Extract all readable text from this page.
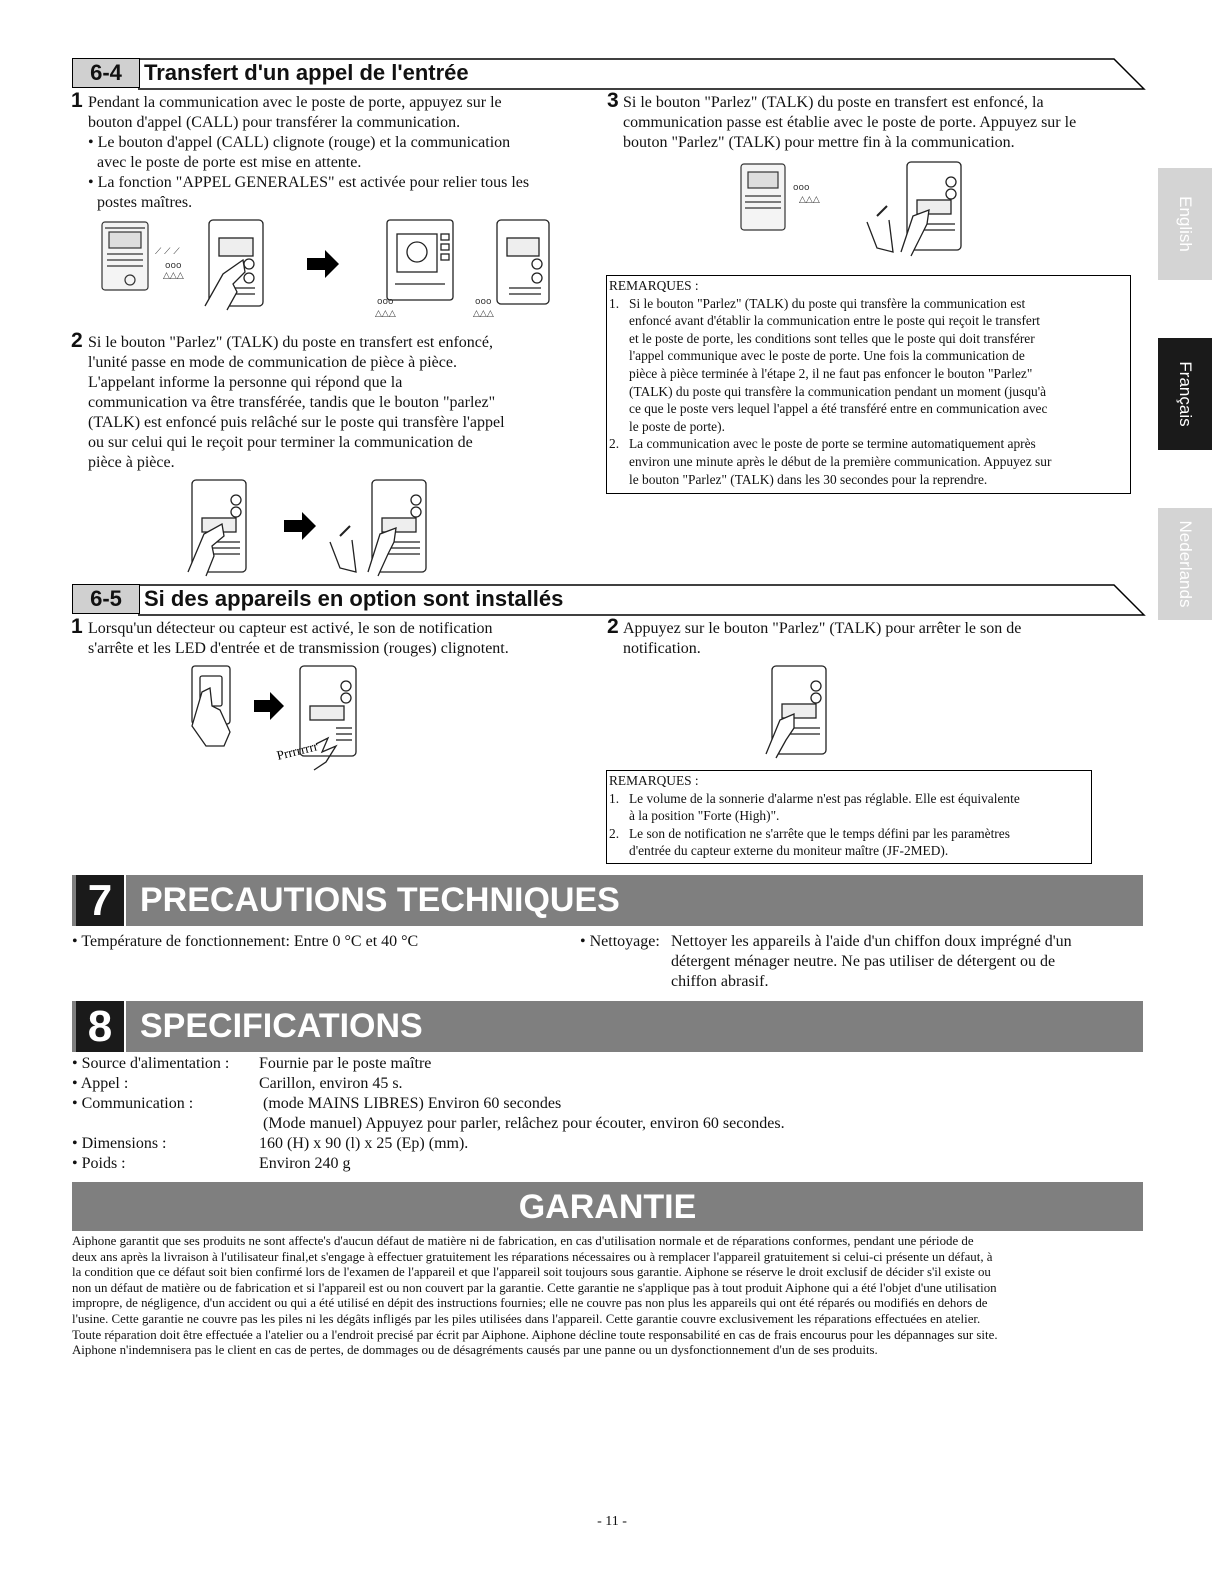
English
Français
Nederlands
6-4	Transfert d'un appel de l'entrée
1 Pendant la communication avec le poste de porte, appuyez sur le
bouton d'appel (CALL) pour transférer la communication.
• Le bouton d'appel (CALL) clignote (rouge) et la communication
avec le poste de porte est mise en attente.
• La fonction "APPEL GENERALES" est activée pour relier tous les
postes maîtres.
⟋ ⟋ ⟋
ooo
△△△
ooo
△△△
ooo
△△△
2 Si le bouton "Parlez" (TALK) du poste en transfert est enfoncé,
l'unité passe en mode de communication de pièce à pièce.
L'appelant informe la personne qui répond que la
communication va être transférée, tandis que le bouton "parlez"
(TALK) est enfoncé puis relâché sur le poste qui transfère l'appel
ou sur celui qui le reçoit pour terminer la communication de
pièce à pièce.
3 Si le bouton "Parlez" (TALK) du poste en transfert est enfoncé, la
communication passe est établie avec le poste de porte. Appuyez sur le
bouton "Parlez" (TALK) pour mettre fin à la communication.
ooo
△△△
REMARQUES :
1. Si le bouton "Parlez" (TALK) du poste qui transfère la communication est
enfoncé avant d'établir la communication entre le poste qui reçoit le transfert
et le poste de porte, les conditions sont telles que le poste qui doit transférer
l'appel communique avec le poste de porte. Une fois la communication de
pièce à pièce terminée à l'étape 2, il ne faut pas enfoncer le bouton "Parlez"
(TALK) du poste qui transfère la communication pendant un moment (jusqu'à
ce que le poste vers lequel l'appel a été transféré entre en communication avec
le poste de porte).
2. La communication avec le poste de porte se termine automatiquement après
environ une minute après le début de la première communication. Appuyez sur
le bouton "Parlez" (TALK) dans les 30 secondes pour la reprendre.
6-5	Si des appareils en option sont installés
1 Lorsqu'un détecteur ou capteur est activé, le son de notification
s'arrête et les LED d'entrée et de transmission (rouges) clignotent.
Prrrrrrrr
2 Appuyez sur le bouton "Parlez" (TALK) pour arrêter le son de
notification.
REMARQUES :
1. Le volume de la sonnerie d'alarme n'est pas réglable. Elle est équivalente
à la position "Forte (High)".
2. Le son de notification ne s'arrête que le temps défini par les paramètres
d'entrée du capteur externe du moniteur maître (JF-2MED).
7 PRECAUTIONS TECHNIQUES
• Température de fonctionnement: Entre 0 °C et 40 °C	• Nettoyage: Nettoyer les appareils à l'aide d'un chiffon doux imprégné d'un
détergent ménager neutre. Ne pas utiliser de détergent ou de
chiffon abrasif.
8 SPECIFICATIONS
• Source d'alimentation : Fournie par le poste maître
• Appel :	Carillon, environ 45 s.
• Communication :	(mode MAINS LIBRES) Environ 60 secondes
(Mode manuel) Appuyez pour parler, relâchez pour écouter, environ 60 secondes.
• Dimensions :	160 (H) x 90 (l) x 25 (Ep) (mm).
• Poids :	Environ 240 g
GARANTIE
Aiphone garantit que ses produits ne sont affecte's d'aucun défaut de matière ni de fabrication, en cas d'utilisation normale et de réparations conformes, pendant une période de
deux ans après la livraison à l'utilisateur final,et s'engage à effectuer gratuitement les réparations nécessaires ou à remplacer l'appareil gratuitement si celui-ci présente un défaut, à
la condition que ce défaut soit bien confirmé lors de l'examen de l'appareil et que l'appareil soit toujours sous garantie. Aiphone se réserve le droit exclusif de décider s'il existe ou
non un défaut de matière ou de fabrication et si l'appareil est ou non couvert par la garantie. Cette garantie ne s'applique pas à tout produit Aiphone qui a été l'objet d'une utilisation
impropre, de négligence, d'un accident ou qui a été utilisé en dépit des instructions fournies; elle ne couvre pas non plus les appareils qui ont été réparés ou modifiés en dehors de
l'usine. Cette garantie ne couvre pas les piles ni les dégâts infligés par les piles utilisées dans l'appareil. Cette garantie couvre exclusivement les réparations effectuées en atelier.
Toute réparation doit être effectuée a l'atelier ou a l'endroit precisé par écrit par Aiphone. Aiphone décline toute responsabilité en cas de frais encourus pour les dépannages sur site.
Aiphone n'indemnisera pas le client en cas de pertes, de dommages ou de désagréments causés par une panne ou un dysfonctionnement d'un de ses produits.
- 11 -
